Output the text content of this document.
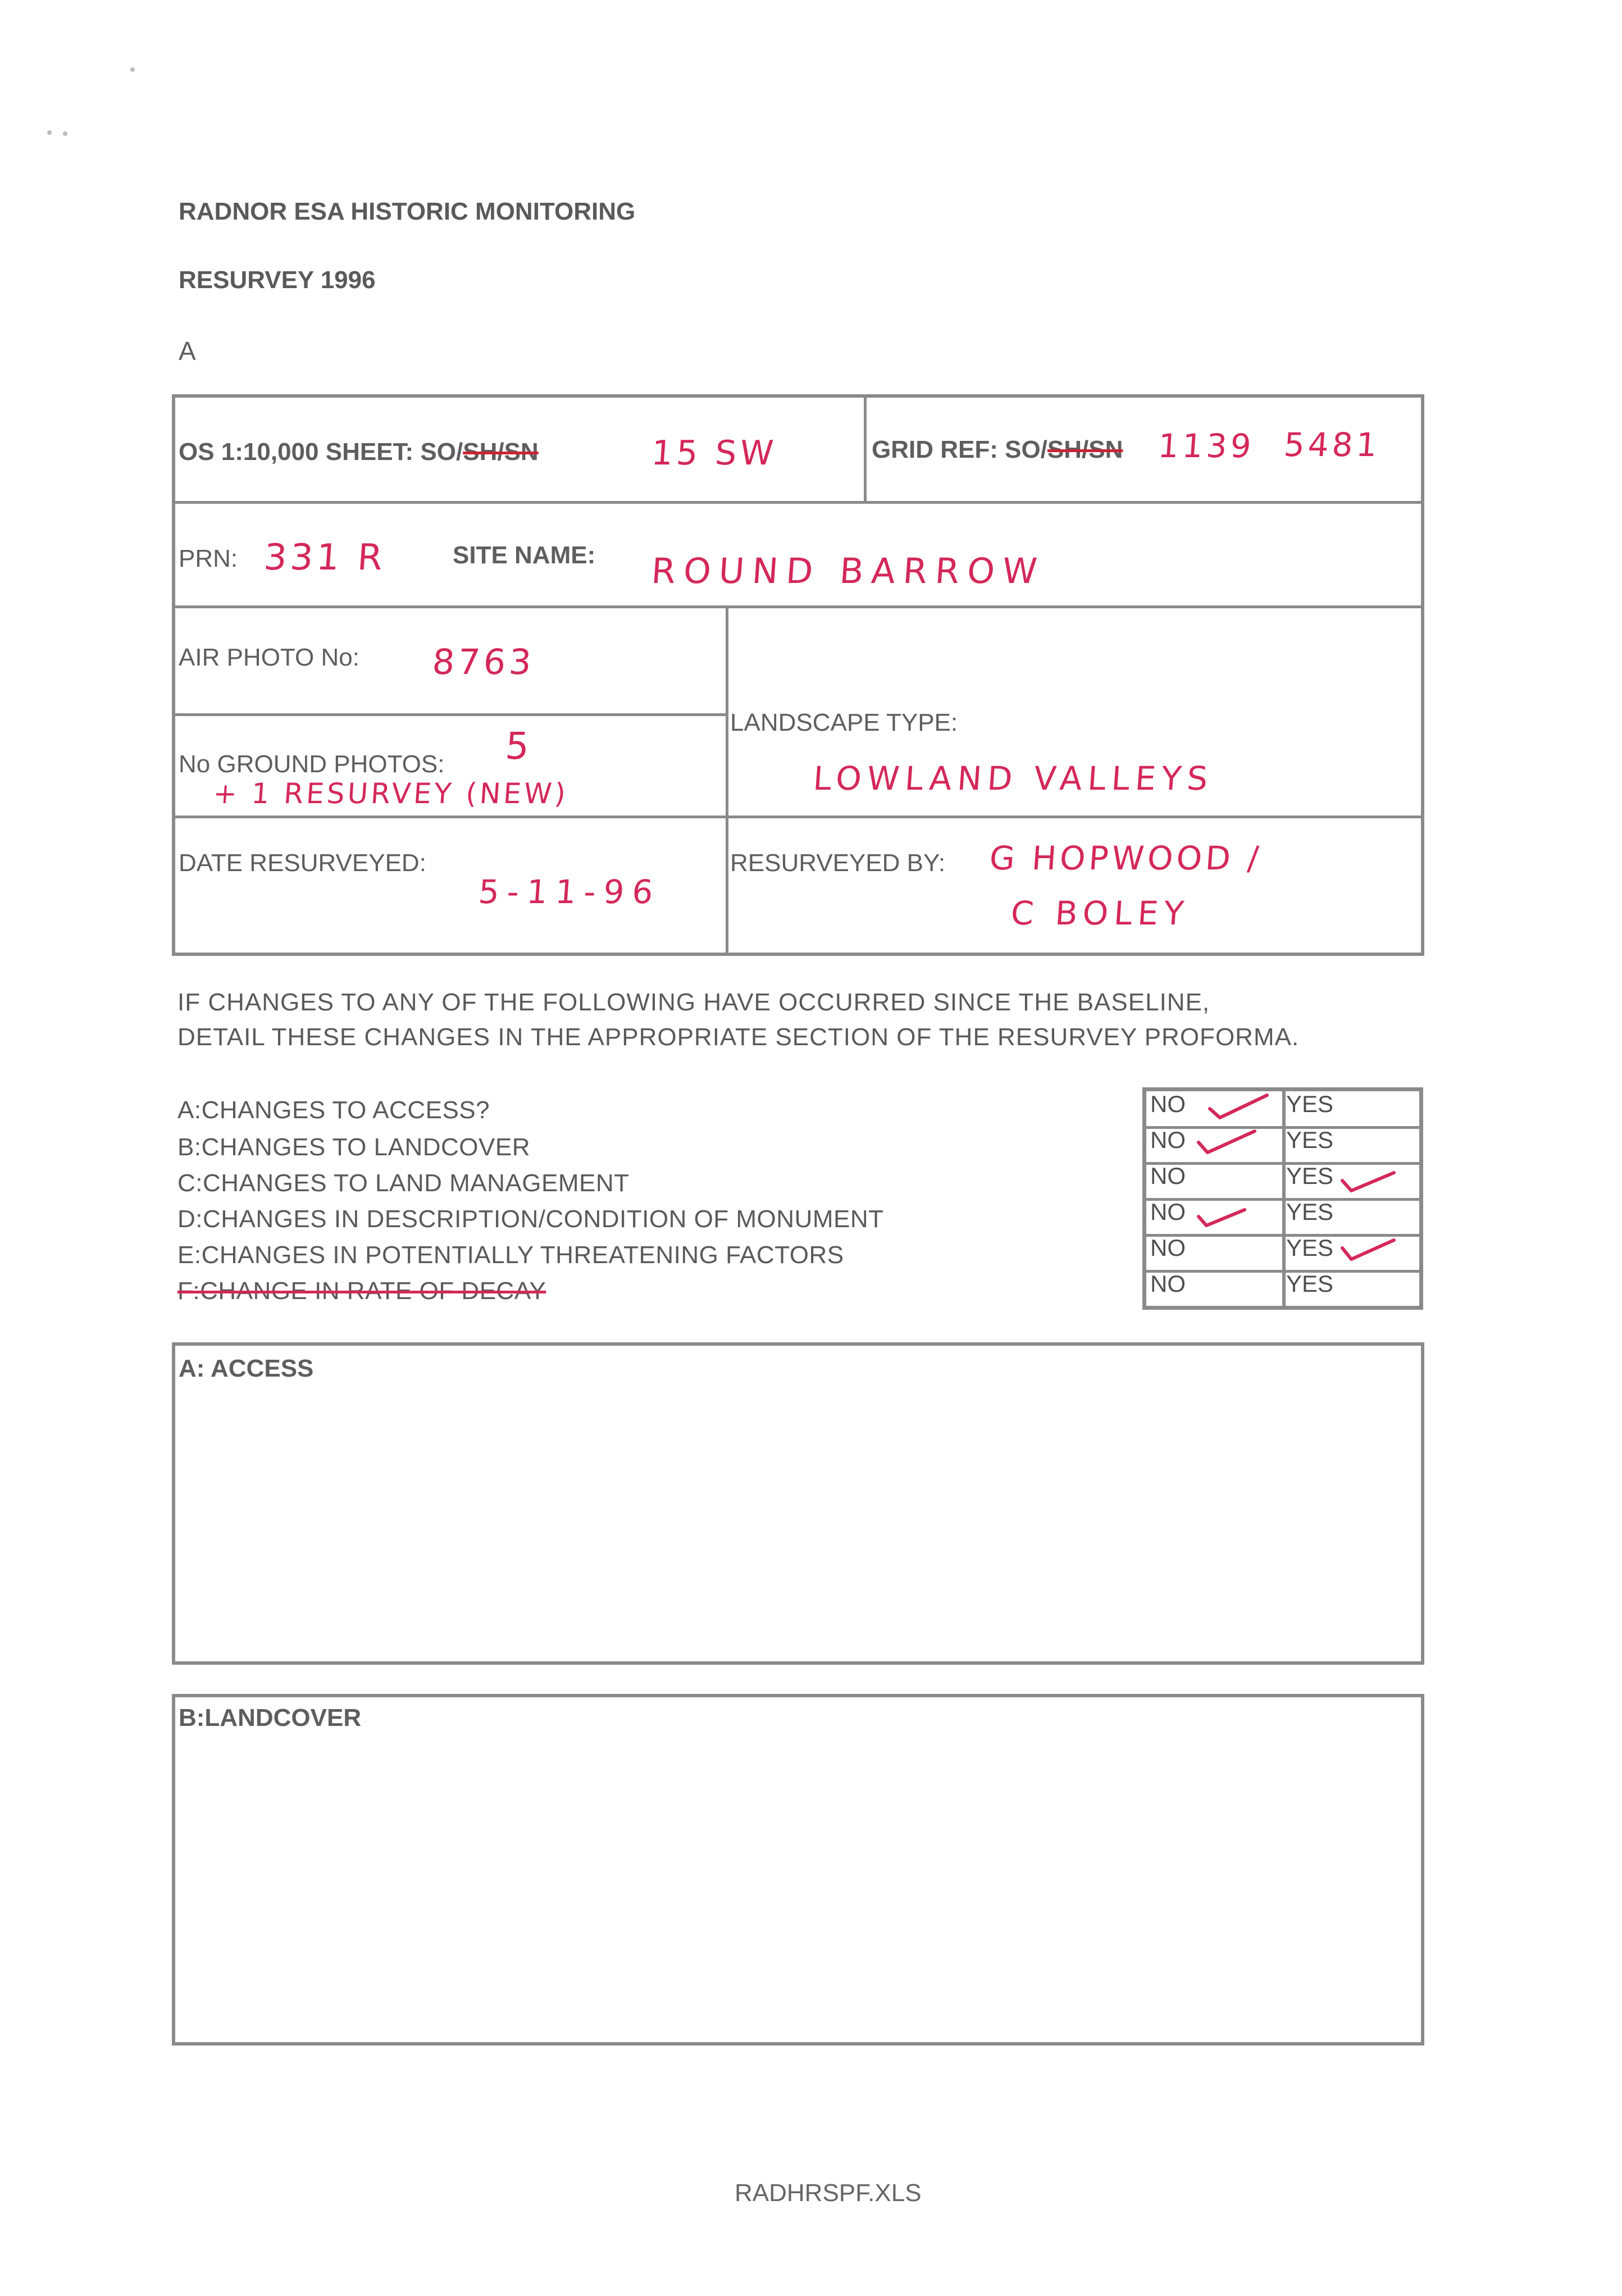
RADNOR ESA HISTORIC MONITORING
RESURVEY 1996
A
OS 1:10,000 SHEET: SO/SH/SN	15 SW	GRID REF: SO/SH/SN 1139 5481
PRN: 331 R	SITE NAME: ROUND BARROW
AIR PHOTO No: 8763
No GROUND PHOTOS: 5
+ 1 RESURVEY (NEW)
LANDSCAPE TYPE:
LOWLAND VALLEYS
DATE RESURVEYED:
5-11-96
RESURVEYED BY: G HOPWOOD /
C BOLEY
IF CHANGES TO ANY OF THE FOLLOWING HAVE OCCURRED SINCE THE BASELINE,
DETAIL THESE CHANGES IN THE APPROPRIATE SECTION OF THE RESURVEY PROFORMA.
A:CHANGES TO ACCESS?
B:CHANGES TO LANDCOVER
C:CHANGES TO LAND MANAGEMENT
D:CHANGES IN DESCRIPTION/CONDITION OF MONUMENT
E:CHANGES IN POTENTIALLY THREATENING FACTORS
F:CHANGE IN RATE OF DECAY
NO	YES
NO	YES
NO	YES
NO	YES
NO	YES
NO	YES
A: ACCESS
B:LANDCOVER
RADHRSPF.XLS
